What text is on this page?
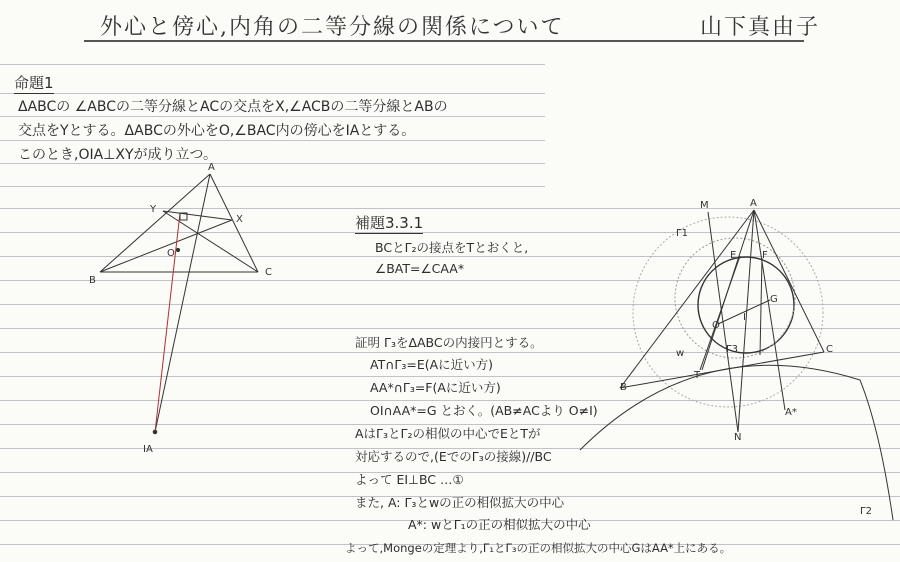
外心と傍心,内角の二等分線の関係について	山下真由子
命題1
ΔABCの ∠ABCの二等分線とACの交点をX,∠ACBの二等分線とABの
交点をYとする。ΔABCの外心をO,∠BAC内の傍心をIAとする。
このとき,OIA⊥XYが成り立つ。
補題3.3.1
BCとΓ₂の接点をTとおくと,
∠BAT=∠CAA*
証明 Γ₃をΔABCの内接円とする。
AT∩Γ₃=E(Aに近い方)
AA*∩Γ₃=F(Aに近い方)
OI∩AA*=G とおく。(AB≠ACより O≠I)
AはΓ₃とΓ₂の相似の中心でEとTが
対応するので,(EでのΓ₃の接線)//BC
よって EI⊥BC …①
また, A: Γ₃とwの正の相似拡大の中心
A*: wとΓ₁の正の相似拡大の中心
よって,Mongeの定理より,Γ₁とΓ₃の正の相似拡大の中心GはAA*上にある。
A
B
C
X
Y
O
IA
M	A
Γ1
E	F
G
I
O
Γ3
w	C
T
B
A*
N
Γ2
